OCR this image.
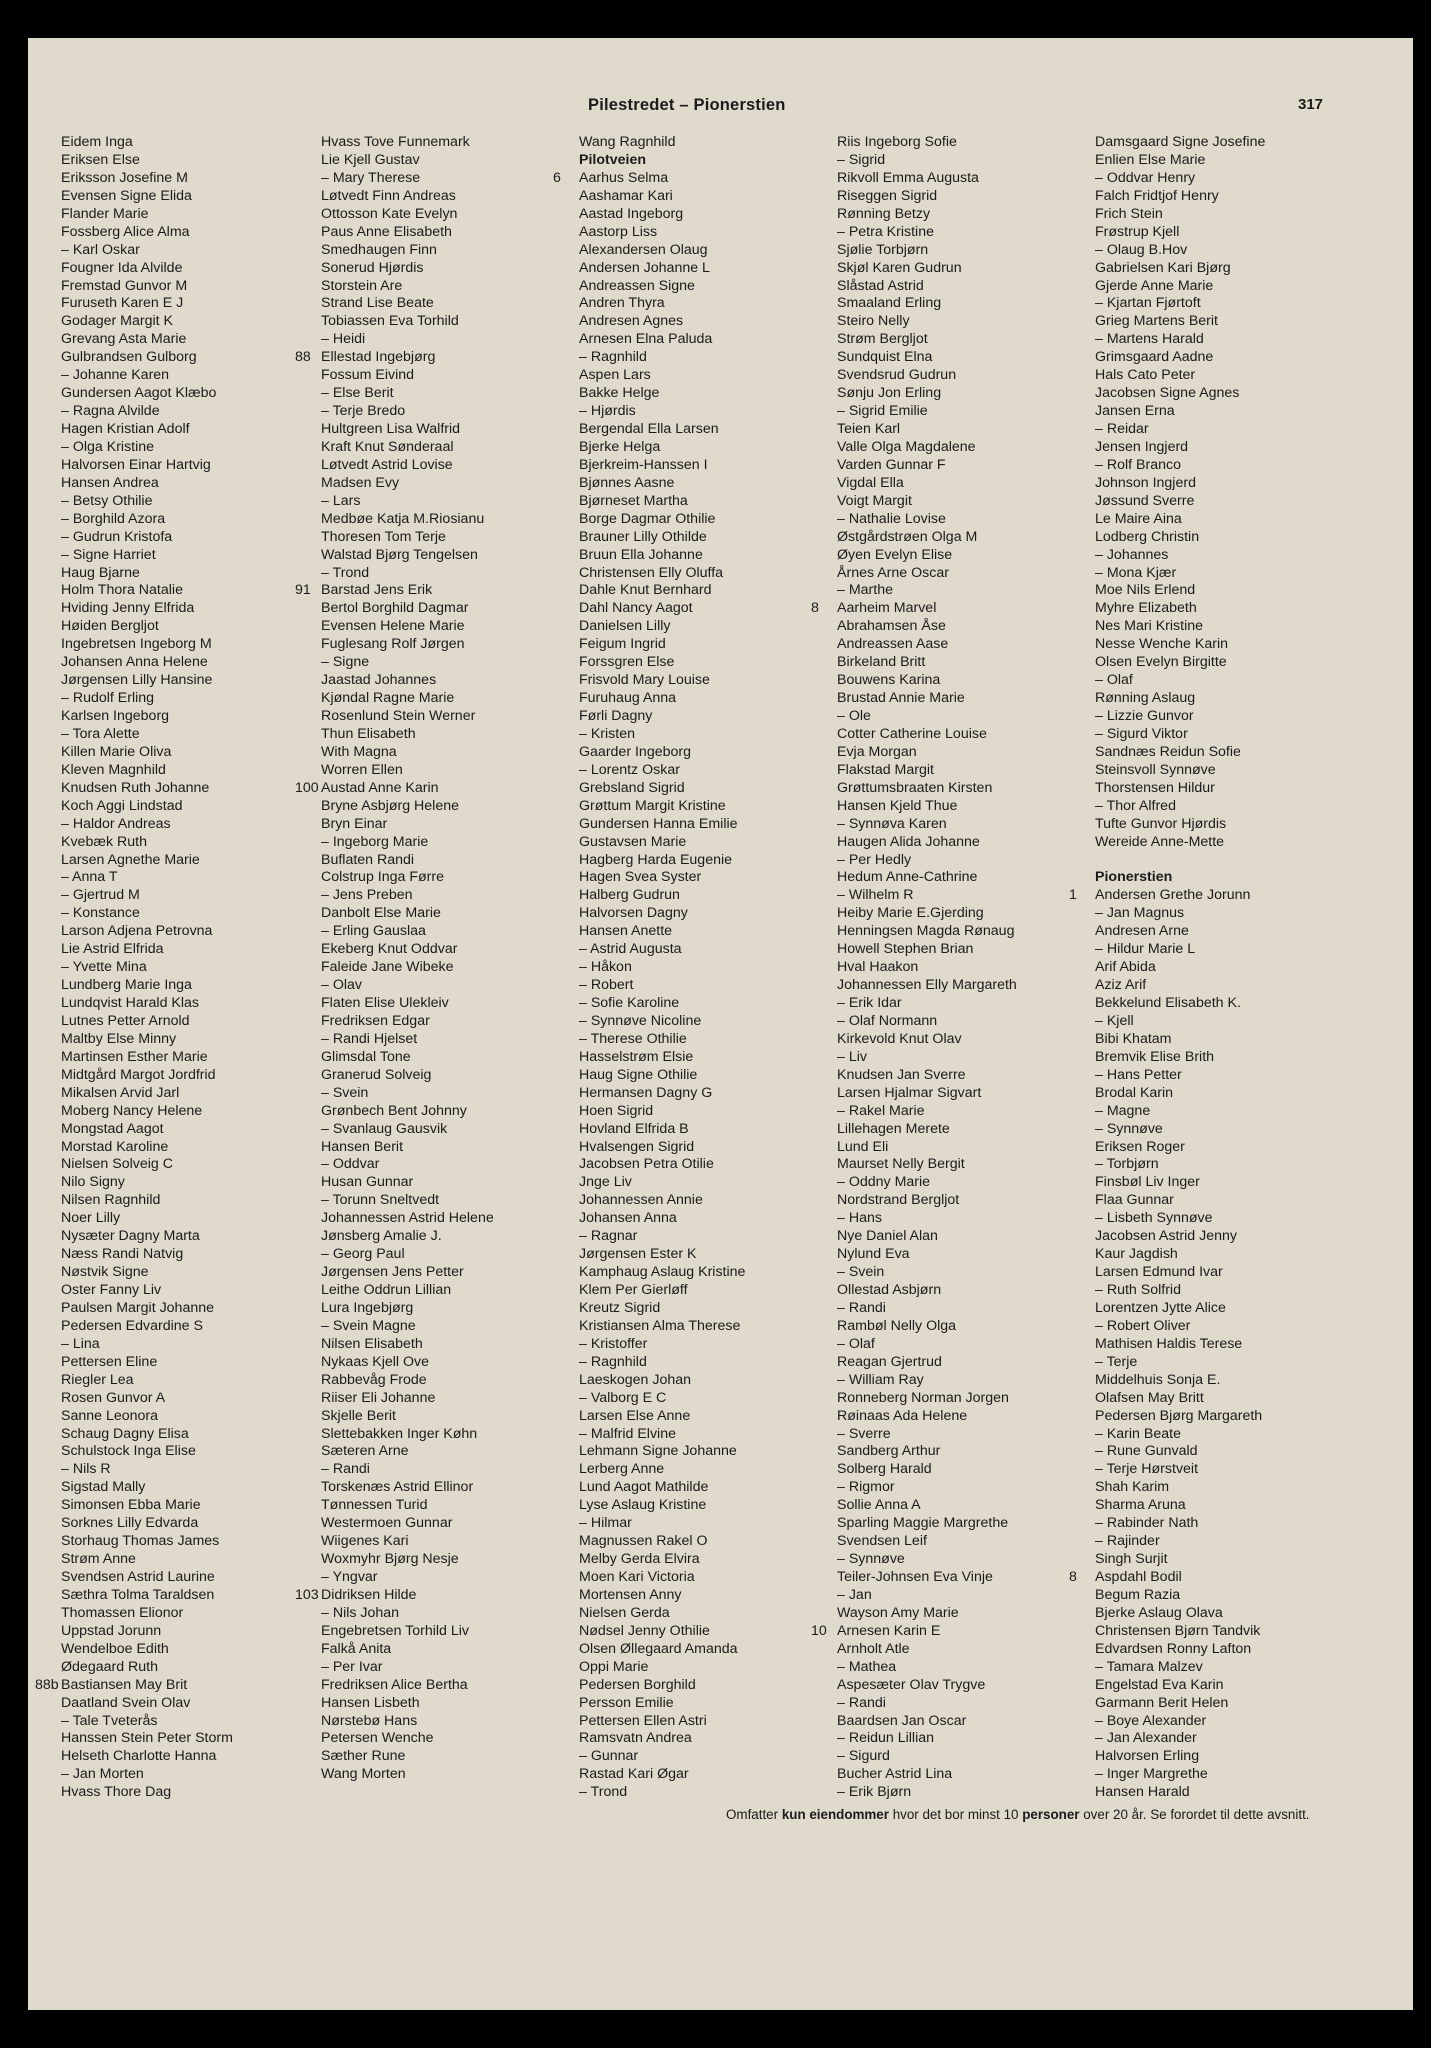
Pilestredet – Pionerstien	317
Eidem Inga
Eriksen Else
Eriksson Josefine M
Evensen Signe Elida
Flander Marie
Fossberg Alice Alma
– Karl Oskar
Fougner Ida Alvilde
Fremstad Gunvor M
Furuseth Karen E J
Godager Margit K
Grevang Asta Marie
Gulbrandsen Gulborg
– Johanne Karen
Gundersen Aagot Klæbo
– Ragna Alvilde
Hagen Kristian Adolf
– Olga Kristine
Halvorsen Einar Hartvig
Hansen Andrea
– Betsy Othilie
– Borghild Azora
– Gudrun Kristofa
– Signe Harriet
Haug Bjarne
Holm Thora Natalie
Hviding Jenny Elfrida
Høiden Bergljot
Ingebretsen Ingeborg M
Johansen Anna Helene
Jørgensen Lilly Hansine
– Rudolf Erling
Karlsen Ingeborg
– Tora Alette
Killen Marie Oliva
Kleven Magnhild
Knudsen Ruth Johanne
Koch Aggi Lindstad
– Haldor Andreas
Kvebæk Ruth
Larsen Agnethe Marie
– Anna T
– Gjertrud M
– Konstance
Larson Adjena Petrovna
Lie Astrid Elfrida
– Yvette Mina
Lundberg Marie Inga
Lundqvist Harald Klas
Lutnes Petter Arnold
Maltby Else Minny
Martinsen Esther Marie
Midtgård Margot Jordfrid
Mikalsen Arvid Jarl
Moberg Nancy Helene
Mongstad Aagot
Morstad Karoline
Nielsen Solveig C
Nilo Signy
Nilsen Ragnhild
Noer Lilly
Nysæter Dagny Marta
Næss Randi Natvig
Nøstvik Signe
Oster Fanny Liv
Paulsen Margit Johanne
Pedersen Edvardine S
– Lina
Pettersen Eline
Riegler Lea
Rosen Gunvor A
Sanne Leonora
Schaug Dagny Elisa
Schulstock Inga Elise
– Nils R
Sigstad Mally
Simonsen Ebba Marie
Sorknes Lilly Edvarda
Storhaug Thomas James
Strøm Anne
Svendsen Astrid Laurine
Sæthra Tolma Taraldsen
Thomassen Elionor
Uppstad Jorunn
Wendelboe Edith
Ødegaard Ruth
88b Bastiansen May Brit
Daatland Svein Olav
– Tale Tveterås
Hanssen Stein Peter Storm
Helseth Charlotte Hanna
– Jan Morten
Hvass Thore Dag
Hvass Tove Funnemark
Lie Kjell Gustav
– Mary Therese
Løtvedt Finn Andreas
Ottosson Kate Evelyn
Paus Anne Elisabeth
Smedhaugen Finn
Sonerud Hjørdis
Storstein Are
Strand Lise Beate
Tobiassen Eva Torhild
– Heidi
88 Ellestad Ingebjørg
Fossum Eivind
– Else Berit
– Terje Bredo
Hultgreen Lisa Walfrid
Kraft Knut Sønderaal
Løtvedt Astrid Lovise
Madsen Evy
– Lars
Medbøe Katja M.Riosianu
Thoresen Tom Terje
Walstad Bjørg Tengelsen
– Trond
91 Barstad Jens Erik
Bertol Borghild Dagmar
Evensen Helene Marie
Fuglesang Rolf Jørgen
– Signe
Jaastad Johannes
Kjøndal Ragne Marie
Rosenlund Stein Werner
Thun Elisabeth
With Magna
Worren Ellen
100 Austad Anne Karin
Bryne Asbjørg Helene
Bryn Einar
– Ingeborg Marie
Buflaten Randi
Colstrup Inga Førre
– Jens Preben
Danbolt Else Marie
– Erling Gauslaa
Ekeberg Knut Oddvar
Faleide Jane Wibeke
– Olav
Flaten Elise Ulekleiv
Fredriksen Edgar
– Randi Hjelset
Glimsdal Tone
Granerud Solveig
– Svein
Grønbech Bent Johnny
– Svanlaug Gausvik
Hansen Berit
– Oddvar
Husan Gunnar
– Torunn Sneltvedt
Johannessen Astrid Helene
Jønsberg Amalie J.
– Georg Paul
Jørgensen Jens Petter
Leithe Oddrun Lillian
Lura Ingebjørg
– Svein Magne
Nilsen Elisabeth
Nykaas Kjell Ove
Rabbevåg Frode
Riiser Eli Johanne
Skjelle Berit
Slettebakken Inger Køhn
Sæteren Arne
– Randi
Torskenæs Astrid Ellinor
Tønnessen Turid
Westermoen Gunnar
Wiigenes Kari
Woxmyhr Bjørg Nesje
– Yngvar
103 Didriksen Hilde
– Nils Johan
Engebretsen Torhild Liv
Falkå Anita
– Per Ivar
Fredriksen Alice Bertha
Hansen Lisbeth
Nørstebø Hans
Petersen Wenche
Sæther Rune
Wang Morten
Wang Ragnhild
Pilotveien
6	Aarhus Selma
Aashamar Kari
Aastad Ingeborg
Aastorp Liss
Alexandersen Olaug
Andersen Johanne L
Andreassen Signe
Andren Thyra
Andresen Agnes
Arnesen Elna Paluda
– Ragnhild
Aspen Lars
Bakke Helge
– Hjørdis
Bergendal Ella Larsen
Bjerke Helga
Bjerkreim-Hanssen I
Bjønnes Aasne
Bjørneset Martha
Borge Dagmar Othilie
Brauner Lilly Othilde
Bruun Ella Johanne
Christensen Elly Oluffa
Dahle Knut Bernhard
Dahl Nancy Aagot
Danielsen Lilly
Feigum Ingrid
Forssgren Else
Frisvold Mary Louise
Furuhaug Anna
Førli Dagny
– Kristen
Gaarder Ingeborg
– Lorentz Oskar
Grebsland Sigrid
Grøttum Margit Kristine
Gundersen Hanna Emilie
Gustavsen Marie
Hagberg Harda Eugenie
Hagen Svea Syster
Halberg Gudrun
Halvorsen Dagny
Hansen Anette
– Astrid Augusta
– Håkon
– Robert
– Sofie Karoline
– Synnøve Nicoline
– Therese Othilie
Hasselstrøm Elsie
Haug Signe Othilie
Hermansen Dagny G
Hoen Sigrid
Hovland Elfrida B
Hvalsengen Sigrid
Jacobsen Petra Otilie
Jnge Liv
Johannessen Annie
Johansen Anna
– Ragnar
Jørgensen Ester K
Kamphaug Aslaug Kristine
Klem Per Gierløff
Kreutz Sigrid
Kristiansen Alma Therese
– Kristoffer
– Ragnhild
Laeskogen Johan
– Valborg E C
Larsen Else Anne
– Malfrid Elvine
Lehmann Signe Johanne
Lerberg Anne
Lund Aagot Mathilde
Lyse Aslaug Kristine
– Hilmar
Magnussen Rakel O
Melby Gerda Elvira
Moen Kari Victoria
Mortensen Anny
Nielsen Gerda
Nødsel Jenny Othilie
Olsen Øllegaard Amanda
Oppi Marie
Pedersen Borghild
Persson Emilie
Pettersen Ellen Astri
Ramsvatn Andrea
– Gunnar
Rastad Kari Øgar
– Trond
Riis Ingeborg Sofie
– Sigrid
Rikvoll Emma Augusta
Riseggen Sigrid
Rønning Betzy
– Petra Kristine
Sjølie Torbjørn
Skjøl Karen Gudrun
Slåstad Astrid
Smaaland Erling
Steiro Nelly
Strøm Bergljot
Sundquist Elna
Svendsrud Gudrun
Sønju Jon Erling
– Sigrid Emilie
Teien Karl
Valle Olga Magdalene
Varden Gunnar F
Vigdal Ella
Voigt Margit
– Nathalie Lovise
Østgårdstrøen Olga M
Øyen Evelyn Elise
Årnes Arne Oscar
– Marthe
8	Aarheim Marvel
Abrahamsen Åse
Andreassen Aase
Birkeland Britt
Bouwens Karina
Brustad Annie Marie
– Ole
Cotter Catherine Louise
Evja Morgan
Flakstad Margit
Grøttumsbraaten Kirsten
Hansen Kjeld Thue
– Synnøva Karen
Haugen Alida Johanne
– Per Hedly
Hedum Anne-Cathrine
– Wilhelm R
Heiby Marie E.Gjerding
Henningsen Magda Rønaug
Howell Stephen Brian
Hval Haakon
Johannessen Elly Margareth
– Erik Idar
– Olaf Normann
Kirkevold Knut Olav
– Liv
Knudsen Jan Sverre
Larsen Hjalmar Sigvart
– Rakel Marie
Lillehagen Merete
Lund Eli
Maurset Nelly Bergit
– Oddny Marie
Nordstrand Bergljot
– Hans
Nye Daniel Alan
Nylund Eva
– Svein
Ollestad Asbjørn
– Randi
Rambøl Nelly Olga
– Olaf
Reagan Gjertrud
– William Ray
Ronneberg Norman Jorgen
Røinaas Ada Helene
– Sverre
Sandberg Arthur
Solberg Harald
– Rigmor
Sollie Anna A
Sparling Maggie Margrethe
Svendsen Leif
– Synnøve
Teiler-Johnsen Eva Vinje
– Jan
Wayson Amy Marie
10 Arnesen Karin E
Arnholt Atle
– Mathea
Aspesæter Olav Trygve
– Randi
Baardsen Jan Oscar
– Reidun Lillian
– Sigurd
Bucher Astrid Lina
– Erik Bjørn
Damsgaard Signe Josefine
Enlien Else Marie
– Oddvar Henry
Falch Fridtjof Henry
Frich Stein
Frøstrup Kjell
– Olaug B.Hov
Gabrielsen Kari Bjørg
Gjerde Anne Marie
– Kjartan Fjørtoft
Grieg Martens Berit
– Martens Harald
Grimsgaard Aadne
Hals Cato Peter
Jacobsen Signe Agnes
Jansen Erna
– Reidar
Jensen Ingjerd
– Rolf Branco
Johnson Ingjerd
Jøssund Sverre
Le Maire Aina
Lodberg Christin
– Johannes
– Mona Kjær
Moe Nils Erlend
Myhre Elizabeth
Nes Mari Kristine
Nesse Wenche Karin
Olsen Evelyn Birgitte
– Olaf
Rønning Aslaug
– Lizzie Gunvor
– Sigurd Viktor
Sandnæs Reidun Sofie
Steinsvoll Synnøve
Thorstensen Hildur
– Thor Alfred
Tufte Gunvor Hjørdis
Wereide Anne-Mette
Pionerstien
1	Andersen Grethe Jorunn
– Jan Magnus
Andresen Arne
– Hildur Marie L
Arif Abida
Aziz Arif
Bekkelund Elisabeth K.
– Kjell
Bibi Khatam
Bremvik Elise Brith
– Hans Petter
Brodal Karin
– Magne
– Synnøve
Eriksen Roger
– Torbjørn
Finsbøl Liv Inger
Flaa Gunnar
– Lisbeth Synnøve
Jacobsen Astrid Jenny
Kaur Jagdish
Larsen Edmund Ivar
– Ruth Solfrid
Lorentzen Jytte Alice
– Robert Oliver
Mathisen Haldis Terese
– Terje
Middelhuis Sonja E.
Olafsen May Britt
Pedersen Bjørg Margareth
– Karin Beate
– Rune Gunvald
– Terje Hørstveit
Shah Karim
Sharma Aruna
– Rabinder Nath
– Rajinder
Singh Surjit
8	Aspdahl Bodil
Begum Razia
Bjerke Aslaug Olava
Christensen Bjørn Tandvik
Edvardsen Ronny Lafton
– Tamara Malzev
Engelstad Eva Karin
Garmann Berit Helen
– Boye Alexander
– Jan Alexander
Halvorsen Erling
– Inger Margrethe
Hansen Harald
Omfatter kun eiendommer hvor det bor minst 10 personer over 20 år. Se forordet til dette avsnitt.
